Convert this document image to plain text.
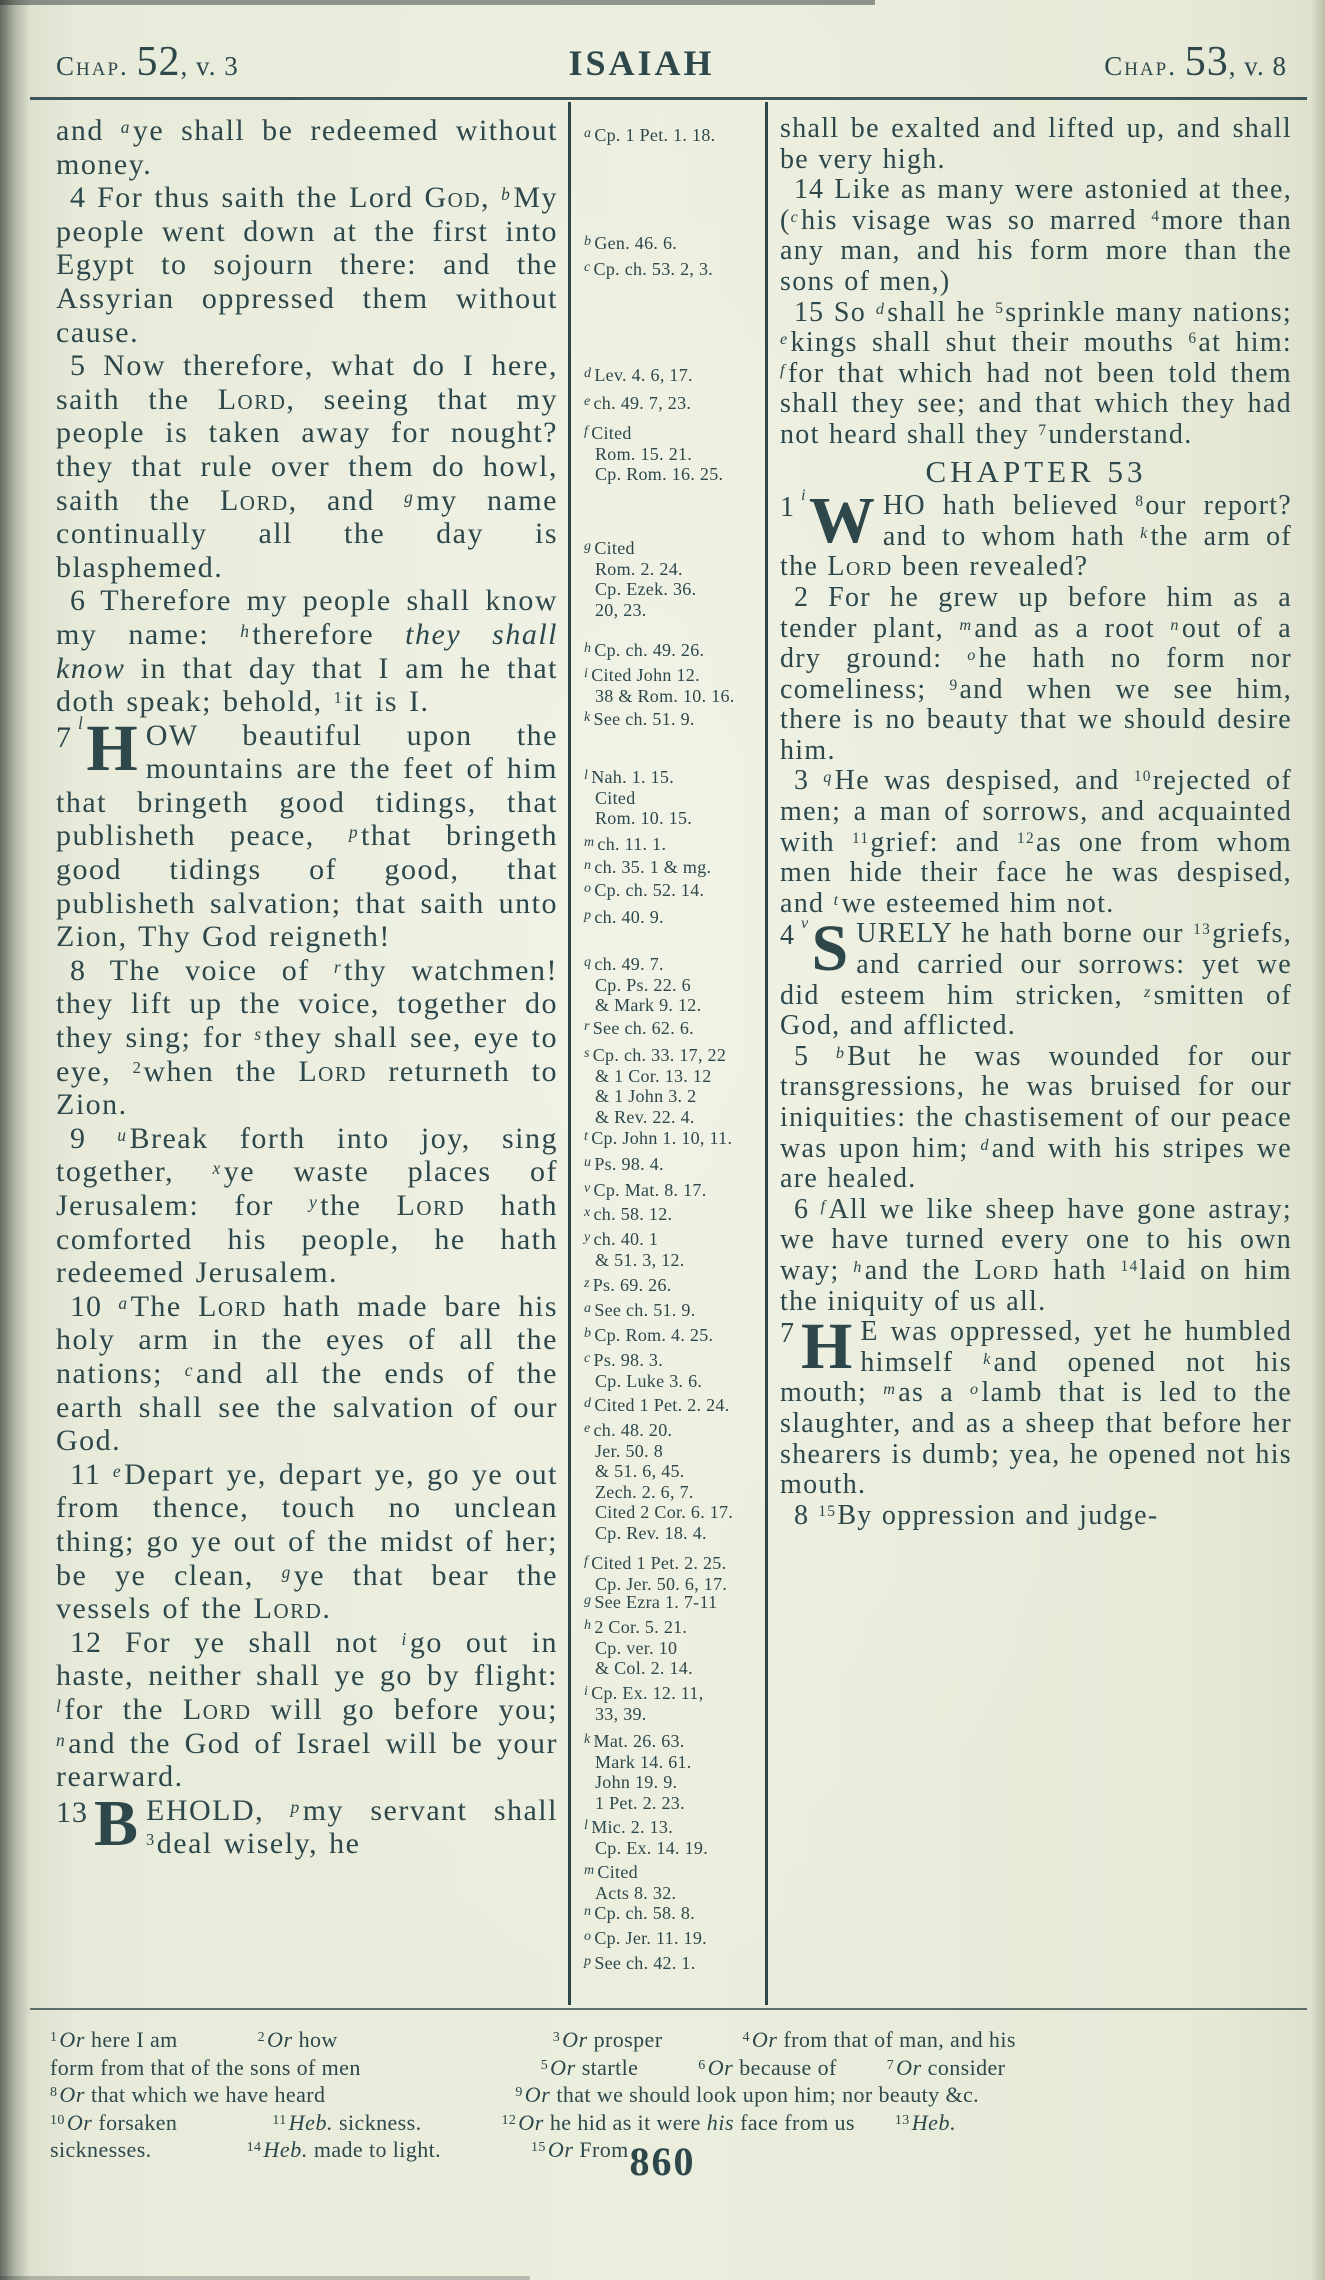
Chap. 52, v. 3	ISAIAH	Chap. 53, v. 8

and $^a$ye shall be redeemed without money.

4 For thus saith the Lord God, $^b$My people went down at the first into Egypt to sojourn there: and the Assyrian oppressed them without cause.

5 Now therefore, what do I here, saith the Lord, seeing that my people is taken away for nought? they that rule over them do howl, saith the Lord, and $^g$my name continually all the day is blasphemed.

6 Therefore my people shall know my name: $^h$therefore they shall know in that day that I am he that doth speak; behold, $^1$it is I.

7 l H OW beautiful upon the mountains are the feet of him that bringeth good tidings, that publisheth peace, $^p$that bringeth good tidings of good, that publisheth salvation; that saith unto Zion, Thy God reigneth!

8 The voice of $^r$thy watchmen! they lift up the voice, together do they sing; for $^s$they shall see, eye to eye, $^2$when the Lord returneth to Zion.

9 $^u$Break forth into joy, sing together, $^x$ye waste places of Jerusalem: for $^y$the Lord hath comforted his people, he hath redeemed Jerusalem.

10 $^a$The Lord hath made bare his holy arm in the eyes of all the nations; $^c$and all the ends of the earth shall see the salvation of our God.

11 $^e$Depart ye, depart ye, go ye out from thence, touch no unclean thing; go ye out of the midst of her; be ye clean, $^g$ye that bear the vessels of the Lord.

12 For ye shall not $^i$go out in haste, neither shall ye go by flight: $^l$for the Lord will go before you; $^n$and the God of Israel will be your rearward.

13 B EHOLD, $^p$my servant shall $^3$deal wisely, he

$^a$ Cp. 1 Pet. 1. 18.
$^b$ Gen. 46. 6.
$^c$ Cp. ch. 53. 2, 3.
$^d$ Lev. 4. 6, 17.
$^e$ ch. 49. 7, 23.
$^f$ Cited
Rom. 15. 21.
Cp. Rom. 16. 25.
$^g$ Cited
Rom. 2. 24.
Cp. Ezek. 36.
20, 23.
$^h$ Cp. ch. 49. 26.
$^i$ Cited John 12.
38 & Rom. 10. 16.
$^k$ See ch. 51. 9.
$^l$ Nah. 1. 15.
Cited
Rom. 10. 15.
$^m$ ch. 11. 1.
$^n$ ch. 35. 1 & mg.
$^o$ Cp. ch. 52. 14.
$^p$ ch. 40. 9.
$^q$ ch. 49. 7.
Cp. Ps. 22. 6
& Mark 9. 12.
$^r$ See ch. 62. 6.
$^s$ Cp. ch. 33. 17, 22
& 1 Cor. 13. 12
& 1 John 3. 2
& Rev. 22. 4.
$^t$ Cp. John 1. 10, 11.
$^u$ Ps. 98. 4.
$^v$ Cp. Mat. 8. 17.
$^x$ ch. 58. 12.
$^y$ ch. 40. 1
& 51. 3, 12.
$^z$ Ps. 69. 26.
$^a$ See ch. 51. 9.
$^b$ Cp. Rom. 4. 25.
$^c$ Ps. 98. 3.
Cp. Luke 3. 6.
$^d$ Cited 1 Pet. 2. 24.
$^e$ ch. 48. 20.
Jer. 50. 8
& 51. 6, 45.
Zech. 2. 6, 7.
Cited 2 Cor. 6. 17.
Cp. Rev. 18. 4.
$^f$ Cited 1 Pet. 2. 25.
Cp. Jer. 50. 6, 17.
$^g$ See Ezra 1. 7-11
$^h$ 2 Cor. 5. 21.
Cp. ver. 10
& Col. 2. 14.
$^i$ Cp. Ex. 12. 11,
33, 39.
$^k$ Mat. 26. 63.
Mark 14. 61.
John 19. 9.
1 Pet. 2. 23.
$^l$ Mic. 2. 13.
Cp. Ex. 14. 19.
$^m$ Cited
Acts 8. 32.
$^n$ Cp. ch. 58. 8.
$^o$ Cp. Jer. 11. 19.
$^p$ See ch. 42. 1.

shall be exalted and lifted up, and shall be very high.

14 Like as many were astonied at thee, ($^c$his visage was so marred $^4$more than any man, and his form more than the sons of men,)

15 So $^d$shall he $^5$sprinkle many nations; $^e$kings shall shut their mouths $^6$at him: $^f$for that which had not been told them shall they see; and that which they had not heard shall they $^7$understand.

CHAPTER 53

1 i W HO hath believed $^8$our report? and to whom hath $^k$the arm of the Lord been revealed?

2 For he grew up before him as a tender plant, $^m$and as a root $^n$out of a dry ground: $^o$he hath no form nor comeliness; $^9$and when we see him, there is no beauty that we should desire him.

3 $^q$He was despised, and $^{10}$rejected of men; a man of sorrows, and acquainted with $^{11}$grief: and $^{12}$as one from whom men hide their face he was despised, and $^t$we esteemed him not.

4 v S URELY he hath borne our $^{13}$griefs, and carried our sorrows: yet we did esteem him stricken, $^z$smitten of God, and afflicted.

5 $^b$But he was wounded for our transgressions, he was bruised for our iniquities: the chastisement of our peace was upon him; $^d$and with his stripes we are healed.

6 $^f$All we like sheep have gone astray; we have turned every one to his own way; $^h$and the Lord hath $^{14}$laid on him the iniquity of us all.

7 H E was oppressed, yet he humbled himself $^k$and opened not his mouth; $^m$as a $^o$lamb that is led to the slaughter, and as a sheep that before her shearers is dumb; yea, he opened not his mouth.

8 $^{15}$By oppression and judge-

$^1$Or here I am	$^2$Or how	$^3$Or prosper	$^4$Or from that of man, and his
form from that of the sons of men	$^5$Or startle	$^6$Or because of	$^7$Or consider
$^8$Or that which we have heard	$^9$Or that we should look upon him; nor beauty &c.
$^{10}$Or forsaken	$^{11}$Heb. sickness.	$^{12}$Or he hid as it were his face from us	$^{13}$Heb.
sicknesses.	$^{14}$Heb. made to light.	$^{15}$Or From 860
